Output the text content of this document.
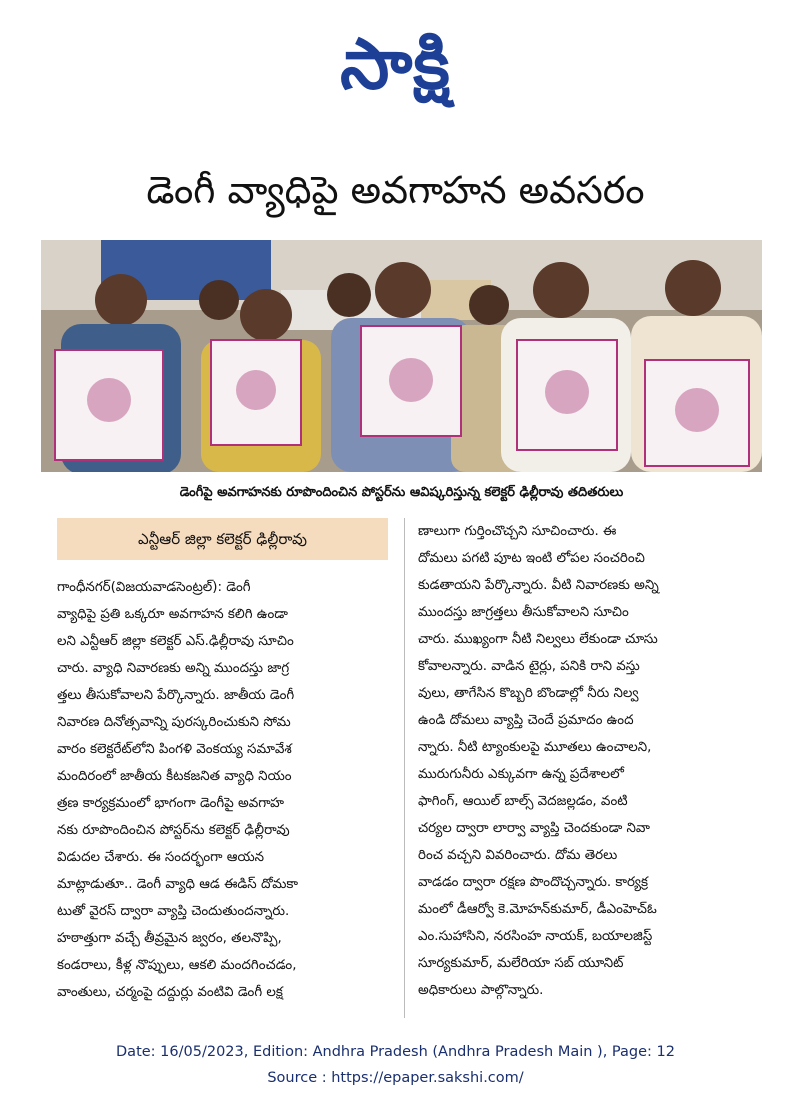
సాక్షి
డెంగీ వ్యాధిపై అవగాహన అవసరం
డెంగీపై అవగాహనకు రూపొందించిన పోస్టర్‌ను ఆవిష్కరిస్తున్న కలెక్టర్‌ ఢిల్లీరావు తదితరులు
ఎన్టీఆర్‌ జిల్లా కలెక్టర్‌ ఢిల్లీరావు
గాంధీనగర్‌(విజయవాడసెంట్రల్‌): డెంగీ
వ్యాధిపై ప్రతి ఒక్కరూ అవగాహన కలిగి ఉండా
లని ఎన్టీఆర్‌ జిల్లా కలెక్టర్‌ ఎస్‌.ఢిల్లీరావు సూచిం
చారు. వ్యాధి నివారణకు అన్ని ముందస్తు జాగ్ర
త్తలు తీసుకోవాలని పేర్కొన్నారు. జాతీయ డెంగీ
నివారణ దినోత్సవాన్ని పురస్కరించుకుని సోమ
వారం కలెక్టరేట్‌లోని పింగళి వెంకయ్య సమావేశ
మందిరంలో జాతీయ కీటకజనిత వ్యాధి నియం
త్రణ కార్యక్రమంలో భాగంగా డెంగీపై అవగాహ
నకు రూపొందించిన పోస్టర్‌ను కలెక్టర్‌ ఢిల్లీరావు
విడుదల చేశారు. ఈ సందర్భంగా ఆయన
మాట్లాడుతూ.. డెంగీ వ్యాధి ఆడ ఈడిస్‌ దోమకా
టుతో వైరస్‌ ద్వారా వ్యాప్తి చెందుతుందన్నారు.
హఠాత్తుగా వచ్చే తీవ్రమైన జ్వరం, తలనొప్పి,
కండరాలు, కీళ్ల నొప్పులు, ఆకలి మందగించడం,
వాంతులు, చర్మంపై దద్దుర్లు వంటివి డెంగీ లక్ష
ణాలుగా గుర్తించొచ్చని సూచించారు. ఈ
దోమలు పగటి పూట ఇంటి లోపల సంచరించి
కుడతాయని పేర్కొన్నారు. వీటి నివారణకు అన్ని
ముందస్తు జాగ్రత్తలు తీసుకోవాలని సూచిం
చారు. ముఖ్యంగా నీటి నిల్వలు లేకుండా చూసు
కోవాలన్నారు. వాడిన టైర్లు, పనికి రాని వస్తు
వులు, తాగేసిన కొబ్బరి బొండాల్లో నీరు నిల్వ
ఉండి దోమలు వ్యాప్తి చెందే ప్రమాదం ఉంద
న్నారు. నీటి ట్యాంకులపై మూతలు ఉంచాలని,
మురుగునీరు ఎక్కువగా ఉన్న ప్రదేశాలలో
ఫాగింగ్‌, ఆయిల్‌ బాల్స్‌ వెదజల్లడం, వంటి
చర్యల ద్వారా లార్వా వ్యాప్తి చెందకుండా నివా
రించ వచ్చని వివరించారు. దోమ తెరలు
వాడడం ద్వారా రక్షణ పొందొచ్చన్నారు. కార్యక్ర
మంలో డీఆర్వో కె.మోహన్‌కుమార్‌, డీఎంహెచ్‌ఓ
ఎం.సుహాసిని, నరసింహ నాయక్‌, బయాలజిస్ట్‌
సూర్యకుమార్‌, మలేరియా సబ్‌ యూనిట్‌
అధికారులు పాల్గొన్నారు.
Date: 16/05/2023, Edition: Andhra Pradesh (Andhra Pradesh Main ), Page: 12
Source : https://epaper.sakshi.com/
